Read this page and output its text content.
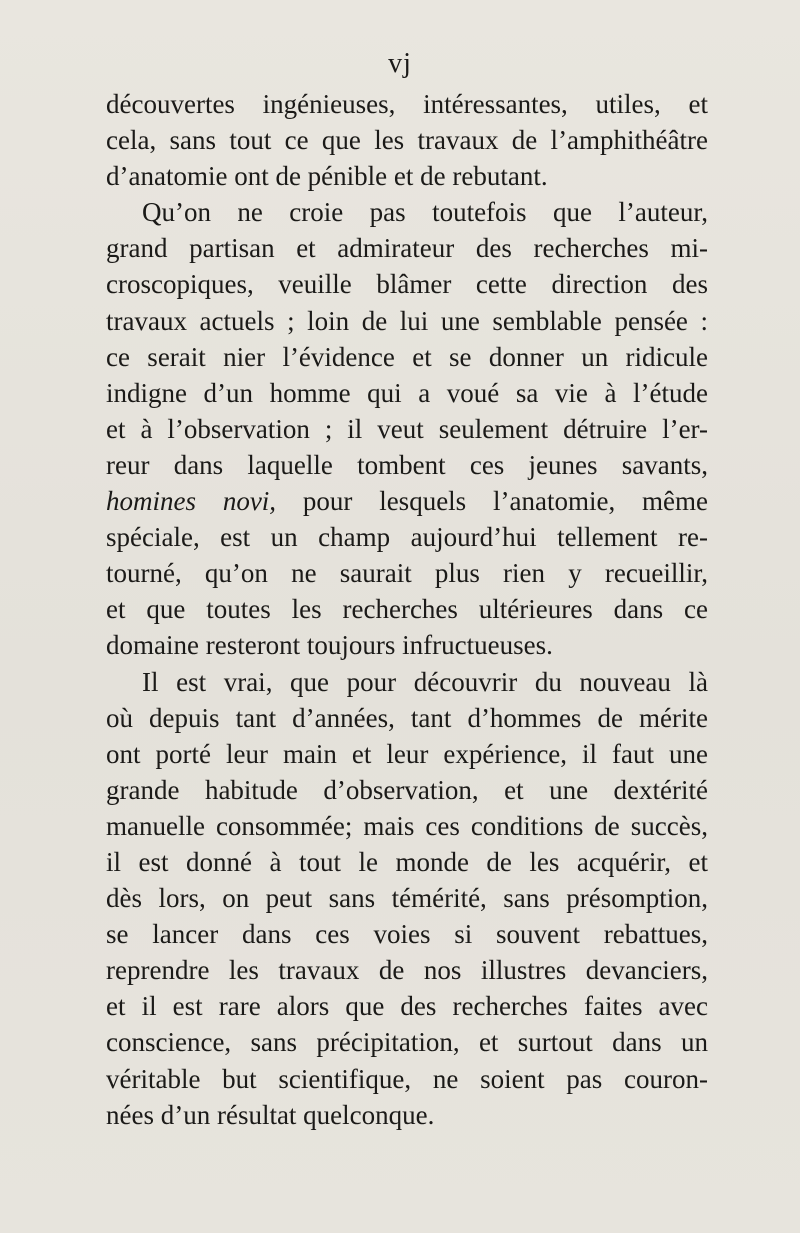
vj
découvertes ingénieuses, intéressantes, utiles, et
cela, sans tout ce que les travaux de l’amphithéâtre
d’anatomie ont de pénible et de rebutant.
Qu’on ne croie pas toutefois que l’auteur,
grand partisan et admirateur des recherches mi-
croscopiques, veuille blâmer cette direction des
travaux actuels ; loin de lui une semblable pensée :
ce serait nier l’évidence et se donner un ridicule
indigne d’un homme qui a voué sa vie à l’étude
et à l’observation ; il veut seulement détruire l’er-
reur dans laquelle tombent ces jeunes savants,
homines novi, pour lesquels l’anatomie, même
spéciale, est un champ aujourd’hui tellement re-
tourné, qu’on ne saurait plus rien y recueillir,
et que toutes les recherches ultérieures dans ce
domaine resteront toujours infructueuses.
Il est vrai, que pour découvrir du nouveau là
où depuis tant d’années, tant d’hommes de mérite
ont porté leur main et leur expérience, il faut une
grande habitude d’observation, et une dextérité
manuelle consommée; mais ces conditions de succès,
il est donné à tout le monde de les acquérir, et
dès lors, on peut sans témérité, sans présomption,
se lancer dans ces voies si souvent rebattues,
reprendre les travaux de nos illustres devanciers,
et il est rare alors que des recherches faites avec
conscience, sans précipitation, et surtout dans un
véritable but scientifique, ne soient pas couron-
nées d’un résultat quelconque.
